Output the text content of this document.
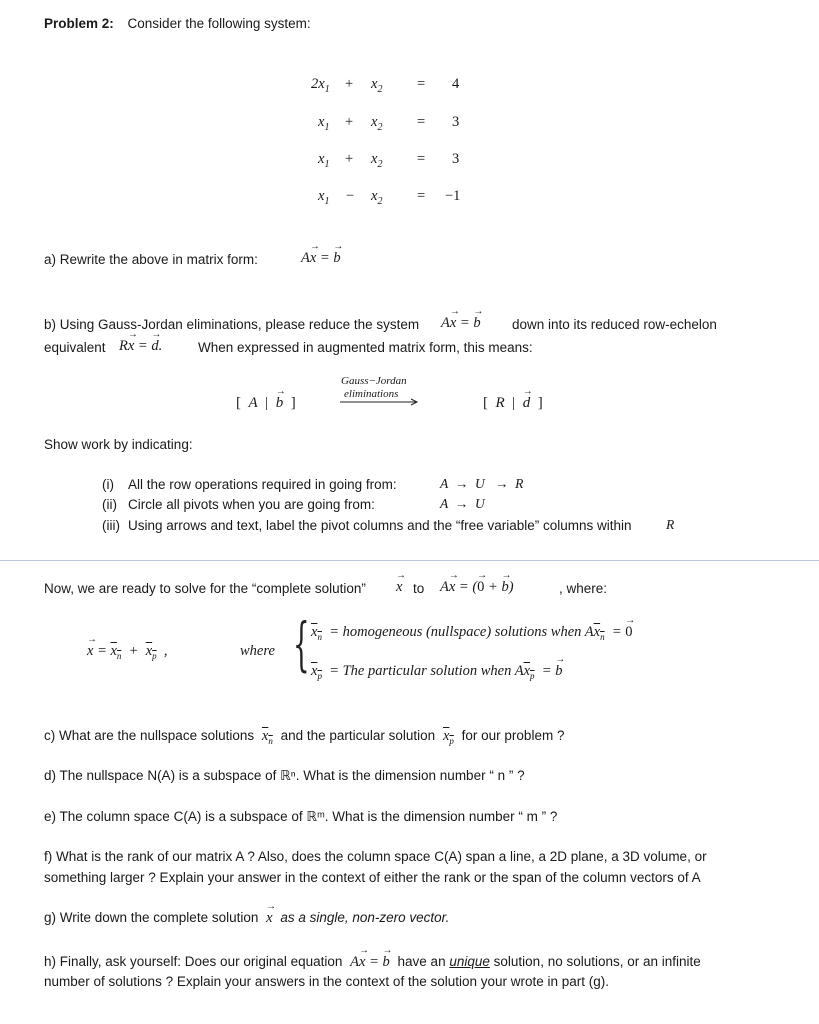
Problem 2: Consider the following system:
$2x_1 + x_2 = 4$
$x_1 + x_2 = 3$
$x_1 + x_2 = 3$
$x_1 - x_2 = -1$
a) Rewrite the above in matrix form:	Ax → = b →
b) Using Gauss-Jordan eliminations, please reduce the system Ax → = b → down into its reduced row-echelon
equivalent Rx → = d →.	When expressed in augmented matrix form, this means:
[  A  |  b →  ]
Gauss−Jordan
eliminations
[  R  |  d →  ]
Show work by indicating:
(i) All the row operations required in going from:	A  →  U   →  R
(ii) Circle all pivots when you are going from:	A  →  U
(iii) Using arrows and text, label the pivot columns and the “free variable” columns within	R
Now, we are ready to solve for the “complete solution” x → to Ax → = (0 → + b →)	, where:
x → = $x_n + x_p$  ,	where { $x_n$  = homogeneous (nullspace) solutions when $Ax_n = 0$ →
$x_p$  = The particular solution when $Ax_p = b$ →
c) What are the nullspace solutions $x_n$ and the particular solution $x_p$ for our problem ?
d) The nullspace N(A) is a subspace of ℝⁿ. What is the dimension number “ n ” ?
e) The column space C(A) is a subspace of ℝᵐ. What is the dimension number “ m ” ?
f) What is the rank of our matrix A ? Also, does the column space C(A) span a line, a 2D plane, a 3D volume, or
something larger ? Explain your answer in the context of either the rank or the span of the column vectors of A
g) Write down the complete solution x → as a single, non-zero vector.
h) Finally, ask yourself: Does our original equation Ax → = b → have an unique solution, no solutions, or an infinite
number of solutions ? Explain your answers in the context of the solution your wrote in part (g).
